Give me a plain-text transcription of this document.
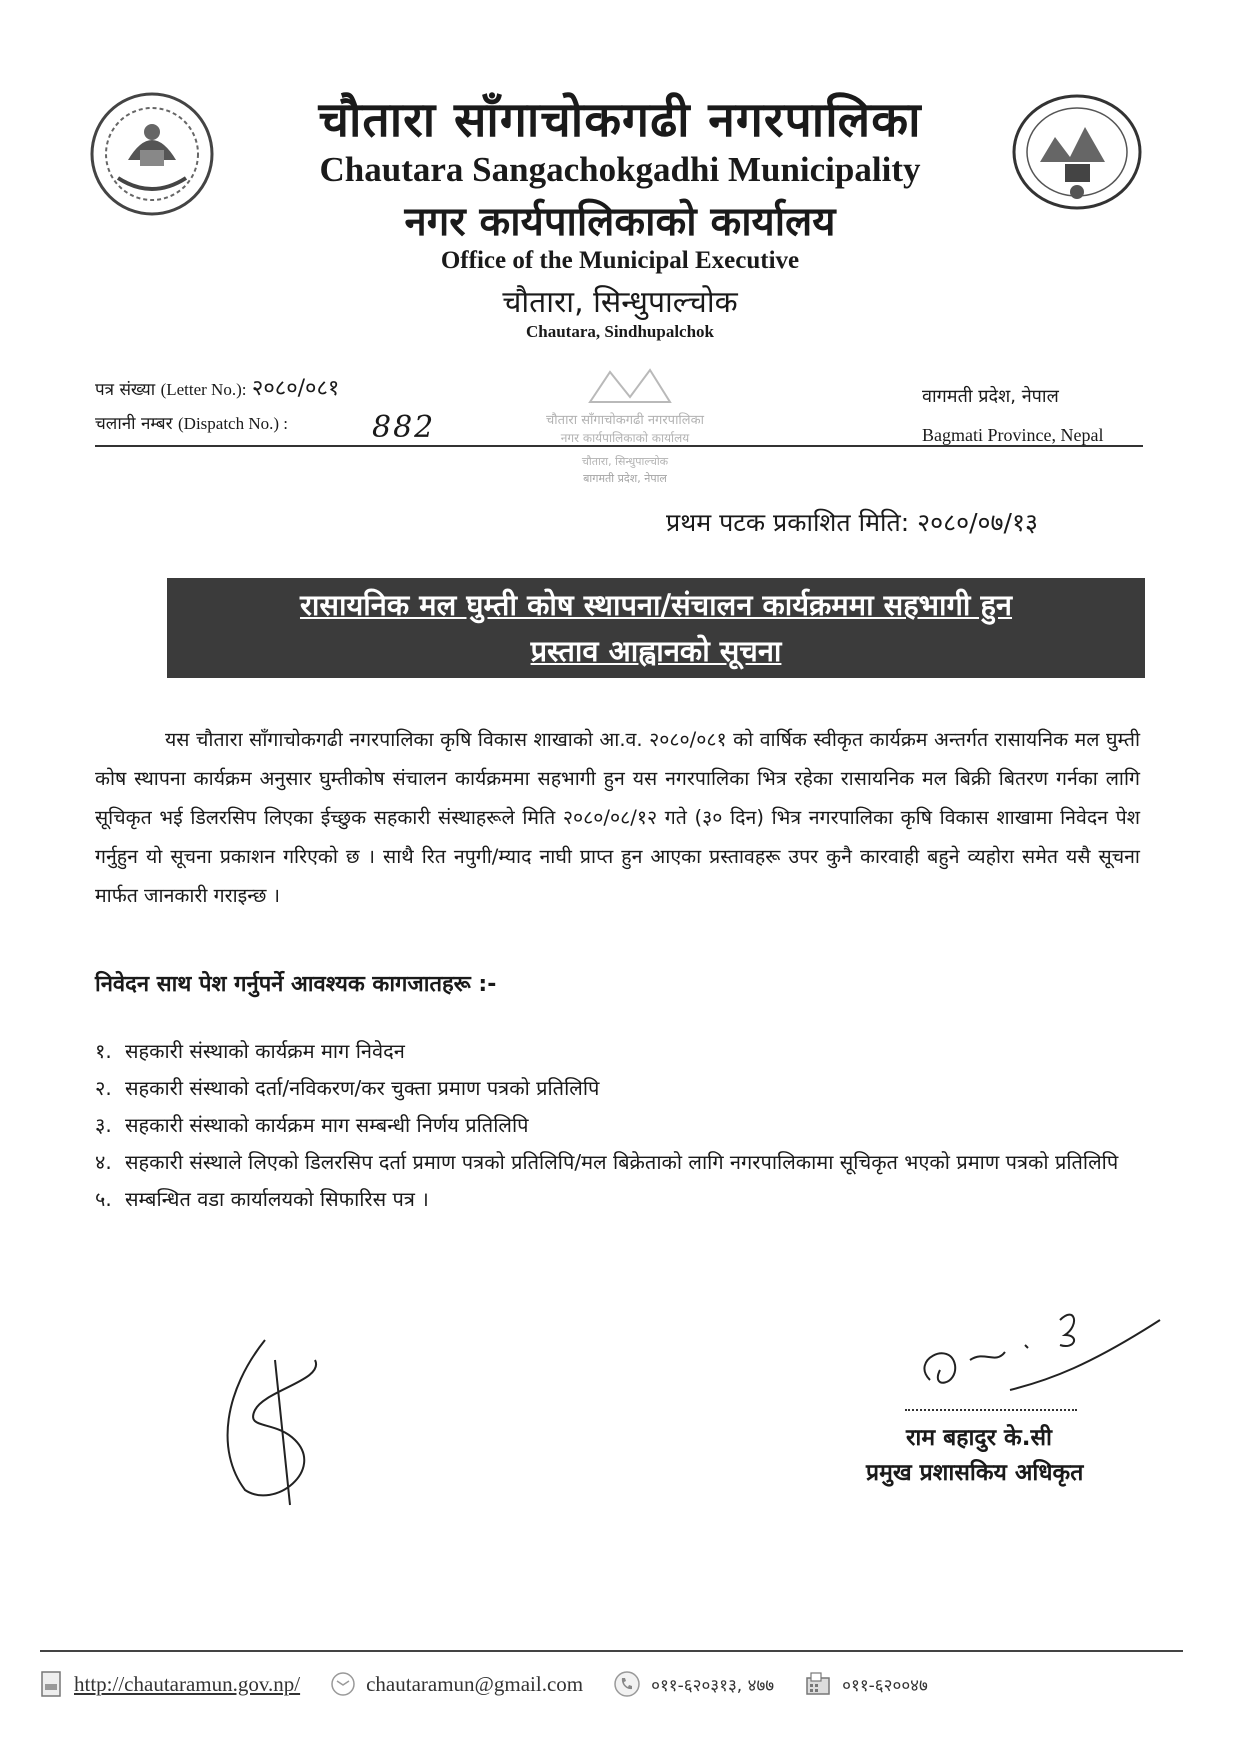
चौतारा साँगाचोकगढी नगरपालिका
Chautara Sangachokgadhi Municipality
नगर कार्यपालिकाको कार्यालय
Office of the Municipal Executive
चौतारा, सिन्धुपाल्चोक
Chautara, Sindhupalchok
पत्र संख्या (Letter No.): २०८०/०८१
चलानी नम्बर (Dispatch No.) :	882
वागमती प्रदेश, नेपाल
Bagmati Province, Nepal
चौतारा साँगाचोकगढी नगरपालिका
नगर कार्यपालिकाको कार्यालय
चौतारा, सिन्धुपाल्चोक
बागमती प्रदेश, नेपाल
प्रथम पटक प्रकाशित मिति: २०८०/०७/१३
रासायनिक मल घुम्ती कोष स्थापना/संचालन कार्यक्रममा सहभागी हुन
प्रस्ताव आह्वानको सूचना

यस चौतारा साँगाचोकगढी नगरपालिका कृषि विकास शाखाको आ.व. २०८०/०८१ को वार्षिक स्वीकृत कार्यक्रम अन्तर्गत रासायनिक मल घुम्ती कोष स्थापना कार्यक्रम अनुसार घुम्तीकोष संचालन कार्यक्रममा सहभागी हुन यस नगरपालिका भित्र रहेका रासायनिक मल बिक्री बितरण गर्नका लागि सूचिकृत भई डिलरसिप लिएका ईच्छुक सहकारी संस्थाहरूले मिति २०८०/०८/१२ गते (३० दिन) भित्र नगरपालिका कृषि विकास शाखामा निवेदन पेश गर्नुहुन यो सूचना प्रकाशन गरिएको छ । साथै रित नपुगी/म्याद नाघी प्राप्त हुन आएका प्रस्तावहरू उपर कुनै कारवाही बहुने व्यहोरा समेत यसै सूचना मार्फत जानकारी गराइन्छ ।

निवेदन साथ पेश गर्नुपर्ने आवश्यक कागजातहरू :-
१. सहकारी संस्थाको कार्यक्रम माग निवेदन
२. सहकारी संस्थाको दर्ता/नविकरण/कर चुक्ता प्रमाण पत्रको प्रतिलिपि
३. सहकारी संस्थाको कार्यक्रम माग सम्बन्धी निर्णय प्रतिलिपि
४. सहकारी संस्थाले लिएको डिलरसिप दर्ता प्रमाण पत्रको प्रतिलिपि/मल बिक्रेताको लागि नगरपालिकामा सूचिकृत भएको प्रमाण पत्रको प्रतिलिपि
५. सम्बन्धित वडा कार्यालयको सिफारिस पत्र ।
राम बहादुर के.सी
प्रमुख प्रशासकिय अधिकृत
http://chautaramun.gov.np/	chautaramun@gmail.com	०११-६२०३१३, ४७७	०११-६२००४७
